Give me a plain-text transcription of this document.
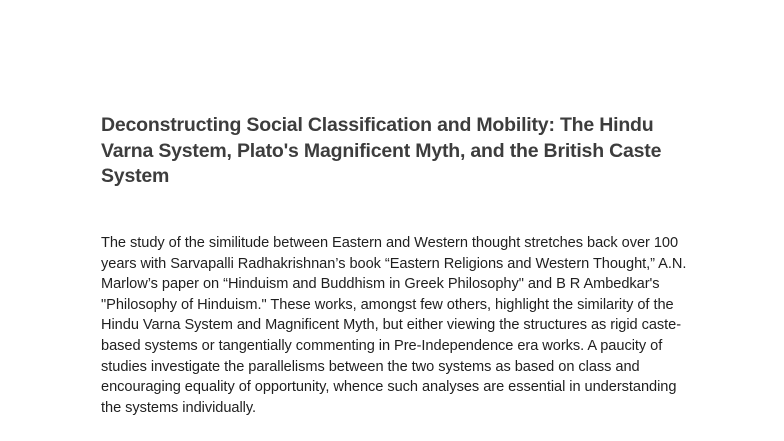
Deconstructing Social Classification and Mobility: The Hindu Varna System, Plato's Magnificent Myth, and the British Caste System

The study of the similitude between Eastern and Western thought stretches back over 100 years with Sarvapalli Radhakrishnan’s book “Eastern Religions and Western Thought,” A.N. Marlow’s paper on “Hinduism and Buddhism in Greek Philosophy" and B R Ambedkar's "Philosophy of Hinduism." These works, amongst few others, highlight the similarity of the Hindu Varna System and Magnificent Myth, but either viewing the structures as rigid caste-based systems or tangentially commenting in Pre-Independence era works. A paucity of studies investigate the parallelisms between the two systems as based on class and encouraging equality of opportunity, whence such analyses are essential in understanding the systems individually.
